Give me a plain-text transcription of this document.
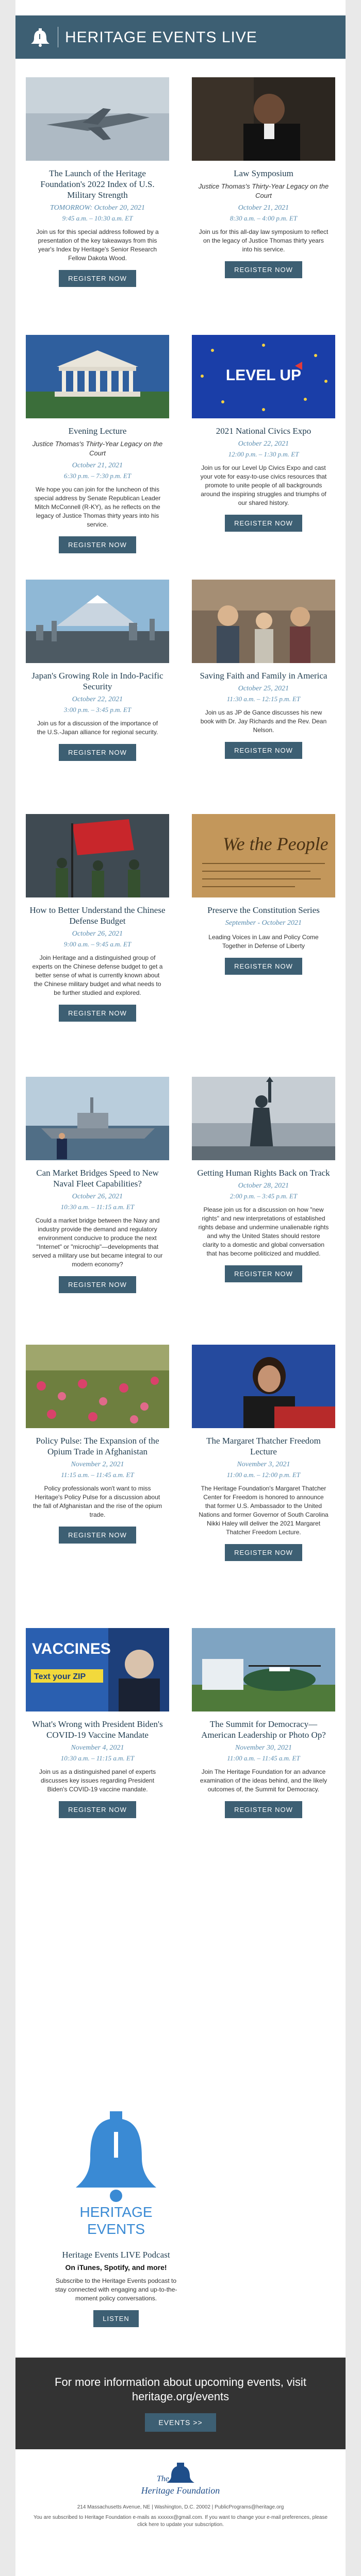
HERITAGE EVENTS LIVE
The Launch of the Heritage Foundation's 2022 Index of U.S. Military Strength
TOMORROW: October 20, 2021
9:45 a.m. – 10:30 a.m. ET
Join us for this special address followed by a presentation of the key takeaways from this year's Index by Heritage's Senior Research Fellow Dakota Wood.
REGISTER NOW
Law Symposium
Justice Thomas's Thirty-Year Legacy on the Court
October 21, 2021
8:30 a.m. – 4:00 p.m. ET
Join us for this all-day law symposium to reflect on the legacy of Justice Thomas thirty years into his service.
REGISTER NOW
Evening Lecture
Justice Thomas's Thirty-Year Legacy on the Court
October 21, 2021
6:30 p.m. – 7:30 p.m. ET
We hope you can join for the luncheon of this special address by Senate Republican Leader Mitch McConnell (R-KY), as he reflects on the legacy of Justice Thomas thirty years into his service.
REGISTER NOW
LEVEL UP
2021 National Civics Expo
October 22, 2021
12:00 p.m. – 1:30 p.m. ET
Join us for our Level Up Civics Expo and cast your vote for easy-to-use civics resources that promote to unite people of all backgrounds around the inspiring struggles and triumphs of our shared history.
REGISTER NOW
Japan's Growing Role in Indo-Pacific Security
October 22, 2021
3:00 p.m. – 3:45 p.m. ET
Join us for a discussion of the importance of the U.S.-Japan alliance for regional security.
REGISTER NOW
Saving Faith and Family in America
October 25, 2021
11:30 a.m. – 12:15 p.m. ET
Join us as JP de Gance discusses his new book with Dr. Jay Richards and the Rev. Dean Nelson.
REGISTER NOW
How to Better Understand the Chinese Defense Budget
October 26, 2021
9:00 a.m. – 9:45 a.m. ET
Join Heritage and a distinguished group of experts on the Chinese defense budget to get a better sense of what is currently known about the Chinese military budget and what needs to be further studied and explored.
REGISTER NOW
We the People
Preserve the Constitution Series
September - October 2021
Leading Voices in Law and Policy Come Together in Defense of Liberty
REGISTER NOW
Can Market Bridges Speed to New Naval Fleet Capabilities?
October 26, 2021
10:30 a.m. – 11:15 a.m. ET
Could a market bridge between the Navy and industry provide the demand and regulatory environment conducive to produce the next "Internet" or "microchip"—developments that served a military use but became integral to our modern economy?
REGISTER NOW
Getting Human Rights Back on Track
October 28, 2021
2:00 p.m. – 3:45 p.m. ET
Please join us for a discussion on how "new rights" and new interpretations of established rights debase and undermine unalienable rights and why the United States should restore clarity to a domestic and global conversation that has become politicized and muddled.
REGISTER NOW
Policy Pulse: The Expansion of the Opium Trade in Afghanistan
November 2, 2021
11:15 a.m. – 11:45 a.m. ET
Policy professionals won't want to miss Heritage's Policy Pulse for a discussion about the fall of Afghanistan and the rise of the opium trade.
REGISTER NOW
The Margaret Thatcher Freedom Lecture
November 3, 2021
11:00 a.m. – 12:00 p.m. ET
The Heritage Foundation's Margaret Thatcher Center for Freedom is honored to announce that former U.S. Ambassador to the United Nations and former Governor of South Carolina Nikki Haley will deliver the 2021 Margaret Thatcher Freedom Lecture.
REGISTER NOW
VACCINES
Text your ZIP
What's Wrong with President Biden's COVID-19 Vaccine Mandate
November 4, 2021
10:30 a.m. – 11:15 a.m. ET
Join us as a distinguished panel of experts discusses key issues regarding President Biden's COVID-19 vaccine mandate.
REGISTER NOW
The Summit for Democracy—American Leadership or Photo Op?
November 30, 2021
11:00 a.m. – 11:45 a.m. ET
Join The Heritage Foundation for an advance examination of the ideas behind, and the likely outcomes of, the Summit for Democracy.
REGISTER NOW
HERITAGE
EVENTS
Heritage Events LIVE Podcast
On iTunes, Spotify, and more!
Subscribe to the Heritage Events podcast to stay connected with engaging and up-to-the-moment policy conversations.
LISTEN
For more information about upcoming events, visit heritage.org/events
EVENTS >>
The
Heritage Foundation
214 Massachusetts Avenue, NE | Washington, D.C. 20002 | PublicPrograms@heritage.org
You are subscribed to Heritage Foundation e-mails as xxxxxx@gmail.com. If you want to change your e-mail preferences, please click here to update your subscription.
